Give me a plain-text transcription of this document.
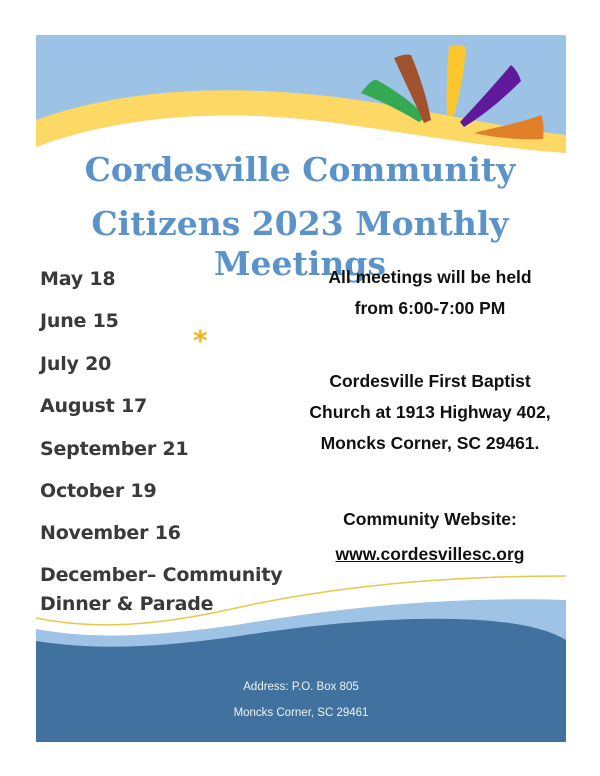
Cordesville Community
Citizens 2023 Monthly Meetings
May 18
June 15
July 20
August 17
September 21
October 19
November 16
December– Community
Dinner & Parade
*
All meetings will be held
from 6:00-7:00 PM
Cordesville First Baptist
Church at 1913 Highway 402,
Moncks Corner, SC 29461.
Community Website:
www.cordesvillesc.org
Address: P.O. Box 805
Moncks Corner, SC 29461
